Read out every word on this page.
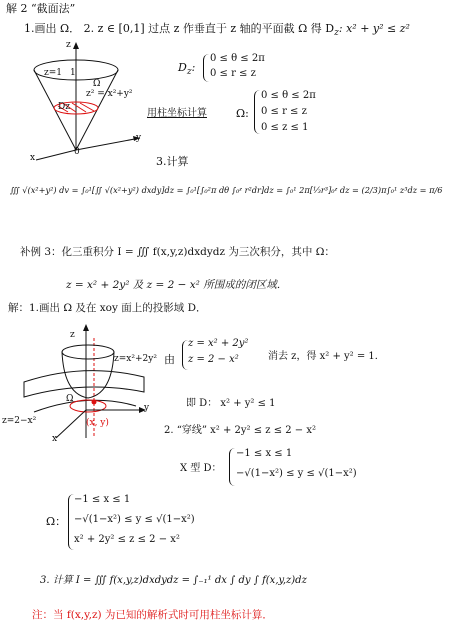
解 2 “截面法”
1.画出 Ω． 2. z ∈ [0,1] 过点 z 作垂直于 z 轴的平面截 Ω 得 $D_z$: x² + y² ≤ z²
z
z=1 1
Ω
z² = x²+y²
Dz
x
y
0
$D_z$:
0 ≤ θ ≤ 2π
0 ≤ r ≤ z
用柱坐标计算	Ω:
0 ≤ θ ≤ 2π
0 ≤ r ≤ z
0 ≤ z ≤ 1
3.计算
∭ √(x²+y²) dv = ∫₀¹[∬ √(x²+y²) dxdy]dz = ∫₀¹[∫₀²π dθ ∫₀ᶻ r²dr]dz = ∫₀¹ 2π[⅓r³]₀ᶻ dz = (2/3)π∫₀¹ z³dz = π/6
补例 3：化三重积分 I = ∭ f(x,y,z)dxdydz 为三次积分，其中 Ω：
z = x² + 2y² 及 z = 2 − x² 所围成的闭区域．
解：1.画出 Ω 及在 xoy 面上的投影域 D．
z
z=x²+2y²
z=2−x²
Ω
y
x
(x, y)
由
z = x² + 2y²
z = 2 − x²	消去 z，得 x² + y² = 1．
即 D： x² + y² ≤ 1
2. “穿线” x² + 2y² ≤ z ≤ 2 − x²
X 型 D：
−1 ≤ x ≤ 1
−√(1−x²) ≤ y ≤ √(1−x²)
Ω：
−1 ≤ x ≤ 1
−√(1−x²) ≤ y ≤ √(1−x²)
x² + 2y² ≤ z ≤ 2 − x²
3. 计算 I = ∭ f(x,y,z)dxdydz = ∫₋₁¹ dx ∫ dy ∫ f(x,y,z)dz
注：当 f(x,y,z) 为已知的解析式时可用柱坐标计算．
